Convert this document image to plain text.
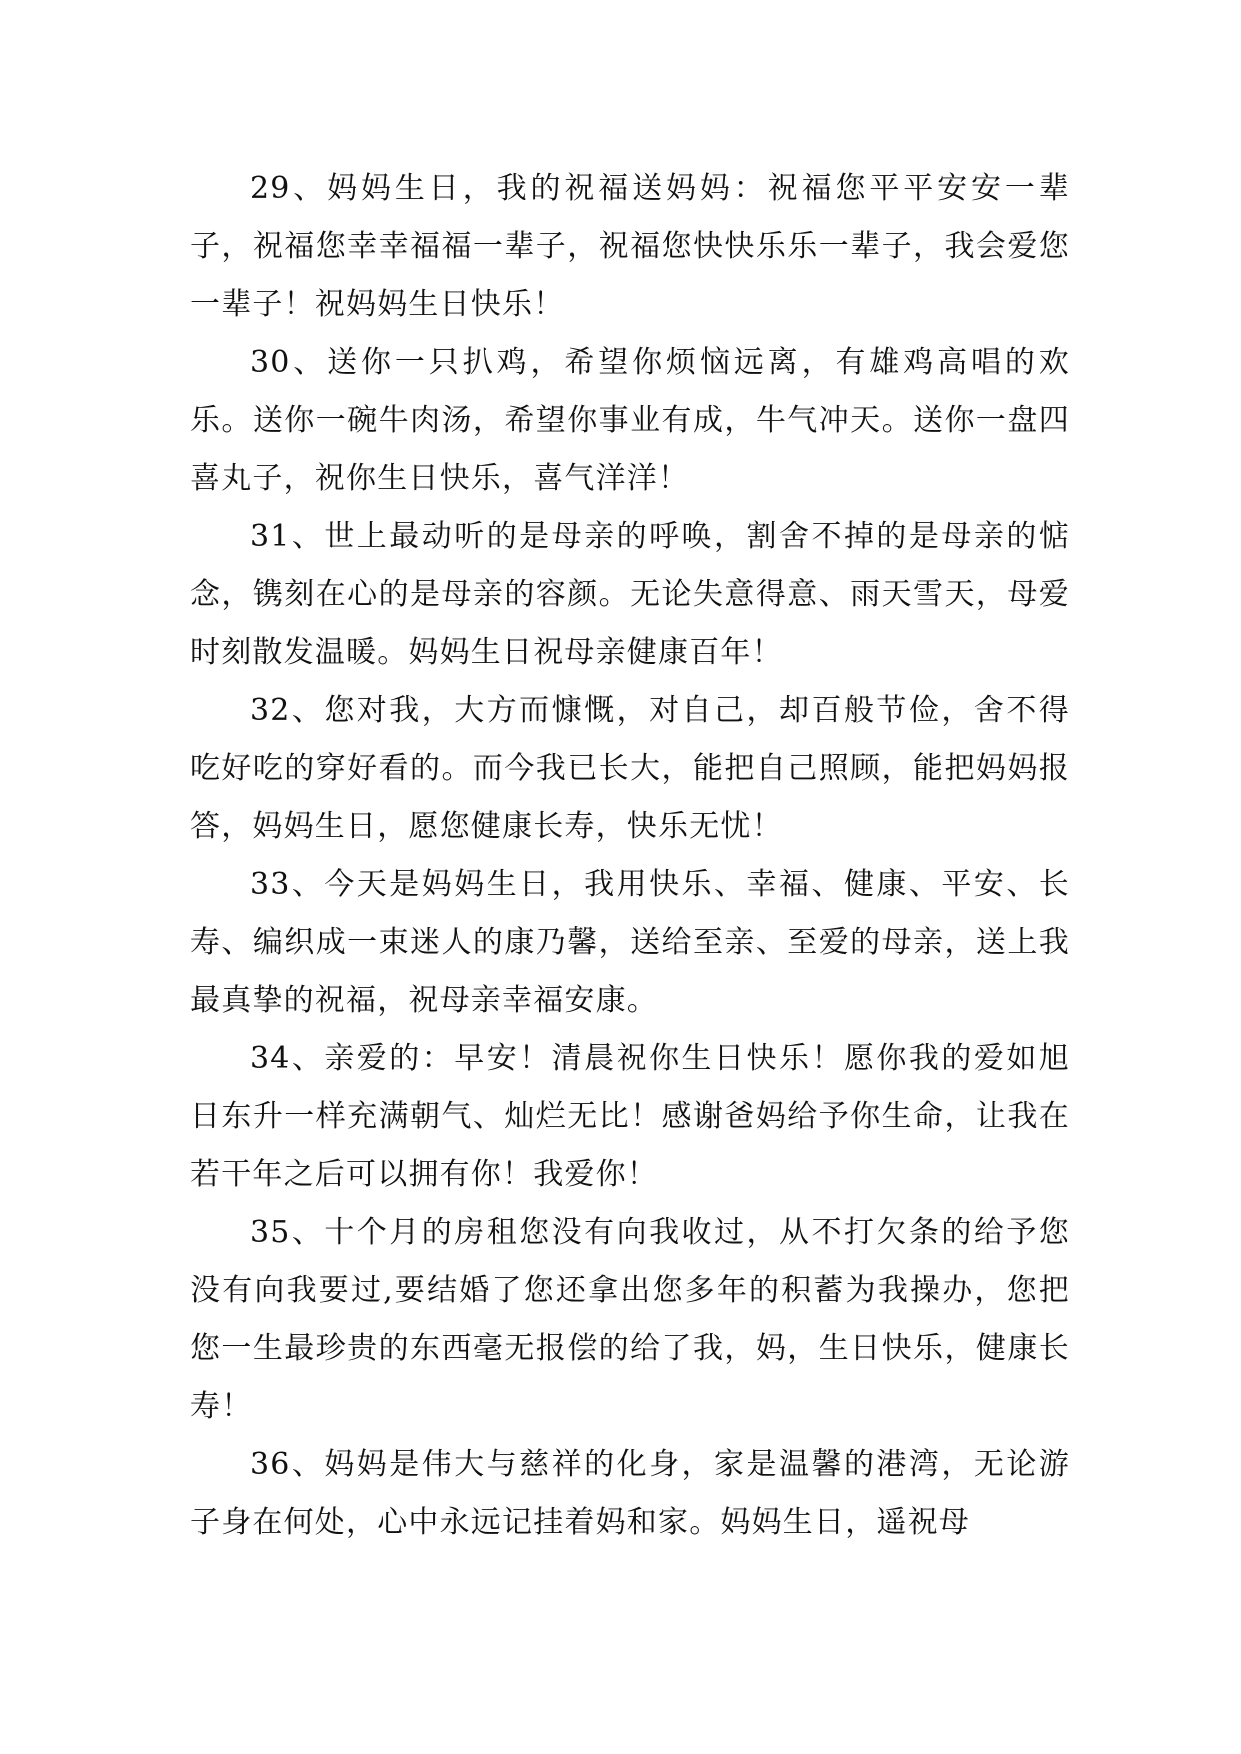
29、妈妈生日，我的祝福送妈妈：祝福您平平安安一辈子，祝福您幸幸福福一辈子，祝福您快快乐乐一辈子，我会爱您一辈子！祝妈妈生日快乐！

30、送你一只扒鸡，希望你烦恼远离，有雄鸡高唱的欢乐。送你一碗牛肉汤，希望你事业有成，牛气冲天。送你一盘四喜丸子，祝你生日快乐，喜气洋洋！

31、世上最动听的是母亲的呼唤，割舍不掉的是母亲的惦念，镌刻在心的是母亲的容颜。无论失意得意、雨天雪天，母爱时刻散发温暖。妈妈生日祝母亲健康百年！

32、您对我，大方而慷慨，对自己，却百般节俭，舍不得吃好吃的穿好看的。而今我已长大，能把自己照顾，能把妈妈报答，妈妈生日，愿您健康长寿，快乐无忧！

33、今天是妈妈生日，我用快乐、幸福、健康、平安、长寿、编织成一束迷人的康乃馨，送给至亲、至爱的母亲，送上我最真挚的祝福，祝母亲幸福安康。

34、亲爱的：早安！清晨祝你生日快乐！愿你我的爱如旭日东升一样充满朝气、灿烂无比！感谢爸妈给予你生命，让我在若干年之后可以拥有你！我爱你！

35、十个月的房租您没有向我收过，从不打欠条的给予您没有向我要过,要结婚了您还拿出您多年的积蓄为我操办，您把您一生最珍贵的东西毫无报偿的给了我，妈，生日快乐，健康长寿！

36、妈妈是伟大与慈祥的化身，家是温馨的港湾，无论游子身在何处，心中永远记挂着妈和家。妈妈生日，遥祝母
